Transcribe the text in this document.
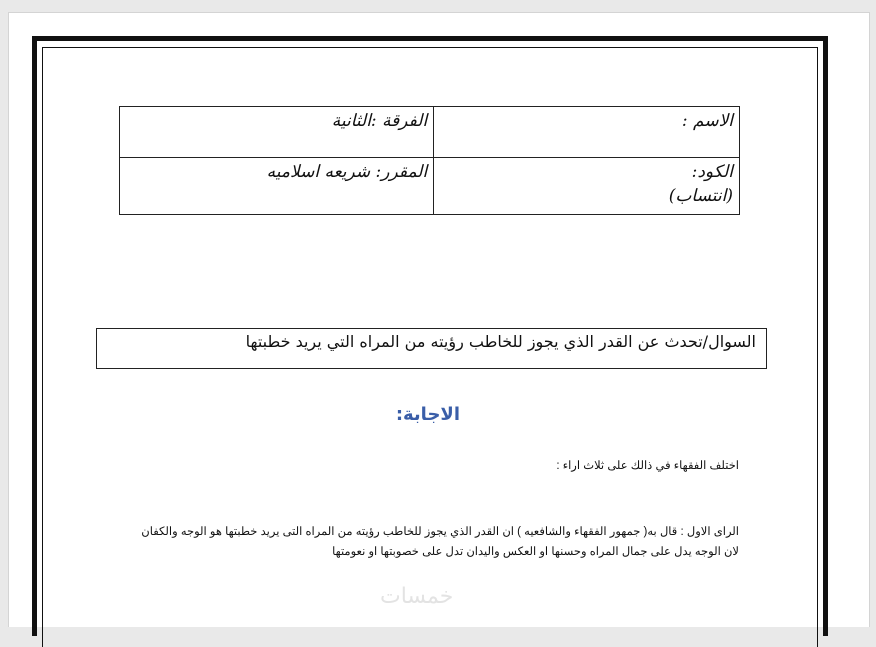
الاسم :	الفرقة :الثانية

الكود:
(انتساب)	المقرر: شريعه اسلاميه
السوال/تحدث عن القدر الذي يجوز للخاطب رؤيته من المراه التي يريد خطبتها
الاجابة:
اختلف الفقهاء في ذالك على ثلاث اراء :
الراى الاول : قال به( جمهور الفقهاء والشافعيه ) ان القدر الذي يجوز للخاطب رؤيته من المراه التى يريد خطبتها هو الوجه والكفان لان الوجه يدل على جمال المراه وحسنها او العكس واليدان تدل على خصوبتها او نعومتها
خمسات
